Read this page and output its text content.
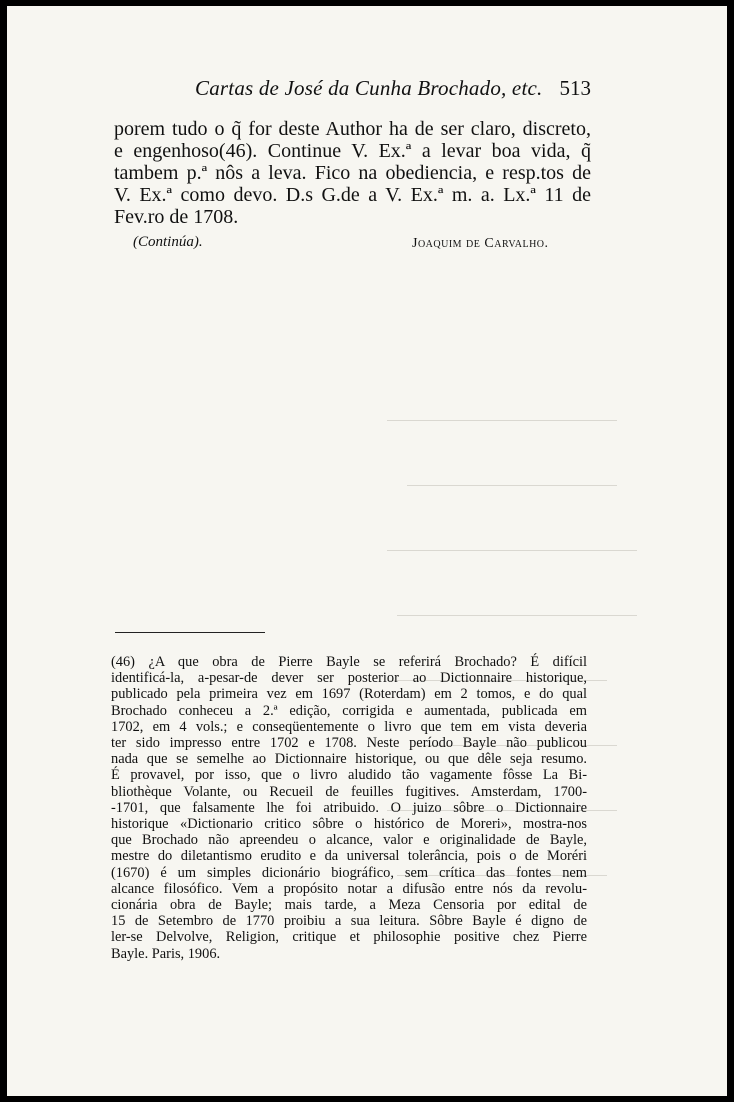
Cartas de José da Cunha Brochado, etc. 513

porem tudo o q̃ for deste Author ha de ser claro, discreto,
e engenhoso(46). Continue V. Ex.ª a levar boa vida, q̃
tambem p.ª nôs a leva. Fico na obediencia, e resp.tos de
V. Ex.ª como devo. D.s G.de a V. Ex.ª m. a. Lx.ª 11 de
Fev.ro de 1708.

(Continúa).	Joaquim de Carvalho.

(46) ¿A que obra de Pierre Bayle se referirá Brochado? É difícil
identificá-la, a-pesar-de dever ser posterior ao Dictionnaire historique,
publicado pela primeira vez em 1697 (Roterdam) em 2 tomos, e do qual
Brochado conheceu a 2.ª edição, corrigida e aumentada, publicada em
1702, em 4 vols.; e conseqüentemente o livro que tem em vista deveria
ter sido impresso entre 1702 e 1708. Neste período Bayle não publicou
nada que se semelhe ao Dictionnaire historique, ou que dêle seja resumo.
É provavel, por isso, que o livro aludido tão vagamente fôsse La Bi-
bliothèque Volante, ou Recueil de feuilles fugitives. Amsterdam, 1700-
-1701, que falsamente lhe foi atribuido. O juizo sôbre o Dictionnaire
historique «Dictionario critico sôbre o histórico de Moreri», mostra-nos
que Brochado não apreendeu o alcance, valor e originalidade de Bayle,
mestre do diletantismo erudito e da universal tolerância, pois o de Moréri
(1670) é um simples dicionário biográfico, sem crítica das fontes nem
alcance filosófico. Vem a propósito notar a difusão entre nós da revolu-
cionária obra de Bayle; mais tarde, a Meza Censoria por edital de
15 de Setembro de 1770 proibiu a sua leitura. Sôbre Bayle é digno de
ler-se Delvolve, Religion, critique et philosophie positive chez Pierre
Bayle. Paris, 1906.
